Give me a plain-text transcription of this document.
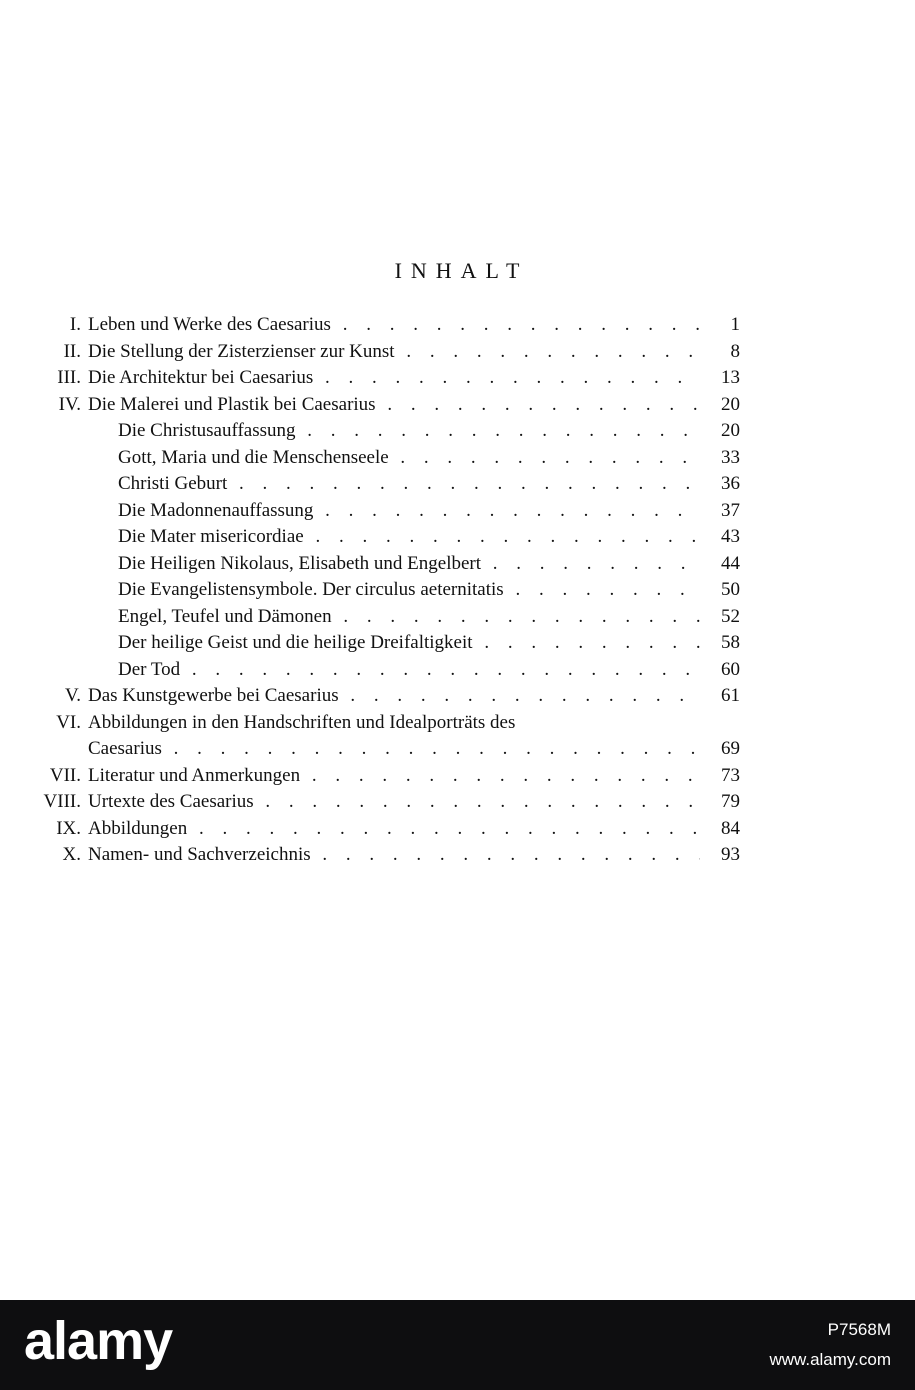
INHALT
I. Leben und Werke des Caesarius . . .	1
II. Die Stellung der Zisterzienser zur Kunst . . .	8
III. Die Architektur bei Caesarius . . .	13
IV. Die Malerei und Plastik bei Caesarius . . .	20
Die Christusauffassung . . .	20
Gott, Maria und die Menschenseele . . .	33
Christi Geburt . . .	36
Die Madonnenauffassung . . .	37
Die Mater misericordiae . . .	43
Die Heiligen Nikolaus, Elisabeth und Engelbert . . .	44
Die Evangelistensymbole. Der circulus aeternitatis . . .	50
Engel, Teufel und Dämonen . . .	52
Der heilige Geist und die heilige Dreifaltigkeit . . .	58
Der Tod . . .	60
V. Das Kunstgewerbe bei Caesarius . . .	61
VI. Abbildungen in den Handschriften und Idealporträts des
Caesarius . . .	69
VII. Literatur und Anmerkungen . . .	73
VIII. Urtexte des Caesarius . . .	79
IX. Abbildungen . . .	84
X. Namen- und Sachverzeichnis . . .	93
alamy	P7568M
www.alamy.com
